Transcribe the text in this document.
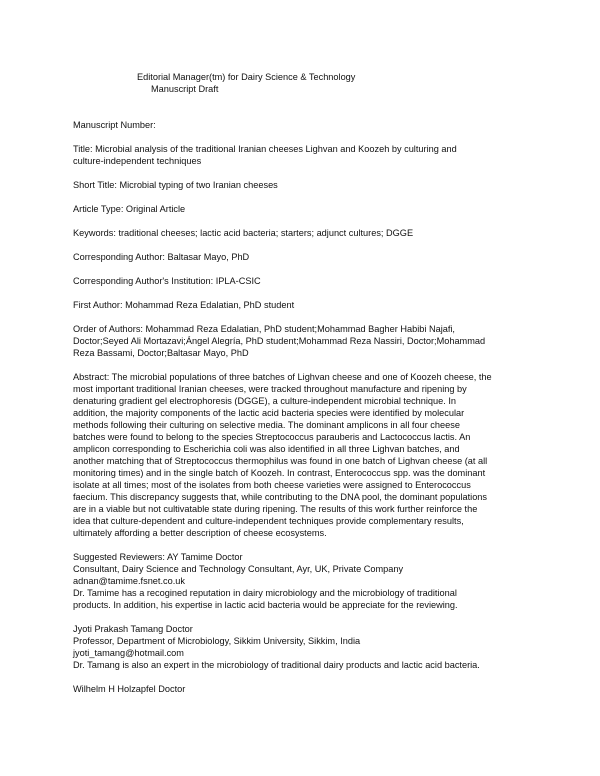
Editorial Manager(tm) for Dairy Science & Technology
Manuscript Draft
Manuscript Number:
Title: Microbial analysis of the traditional Iranian cheeses Lighvan and Koozeh by culturing and
culture-independent techniques
Short Title: Microbial typing of two Iranian cheeses
Article Type: Original Article
Keywords: traditional cheeses; lactic acid bacteria; starters; adjunct cultures; DGGE
Corresponding Author: Baltasar Mayo, PhD
Corresponding Author's Institution: IPLA-CSIC
First Author: Mohammad Reza Edalatian, PhD student
Order of Authors: Mohammad Reza Edalatian, PhD student;Mohammad Bagher Habibi Najafi,
Doctor;Seyed Ali Mortazavi;Ángel Alegría, PhD student;Mohammad Reza Nassiri, Doctor;Mohammad
Reza Bassami, Doctor;Baltasar Mayo, PhD
Abstract: The microbial populations of three batches of Lighvan cheese and one of Koozeh cheese, the
most important traditional Iranian cheeses, were tracked throughout manufacture and ripening by
denaturing gradient gel electrophoresis (DGGE), a culture-independent microbial technique. In
addition, the majority components of the lactic acid bacteria species were identified by molecular
methods following their culturing on selective media. The dominant amplicons in all four cheese
batches were found to belong to the species Streptococcus parauberis and Lactococcus lactis. An
amplicon corresponding to Escherichia coli was also identified in all three Lighvan batches, and
another matching that of Streptococcus thermophilus was found in one batch of Lighvan cheese (at all
monitoring times) and in the single batch of Koozeh. In contrast, Enterococcus spp. was the dominant
isolate at all times; most of the isolates from both cheese varieties were assigned to Enterococcus
faecium. This discrepancy suggests that, while contributing to the DNA pool, the dominant populations
are in a viable but not cultivatable state during ripening. The results of this work further reinforce the
idea that culture-dependent and culture-independent techniques provide complementary results,
ultimately affording a better description of cheese ecosystems.
Suggested Reviewers: AY Tamime Doctor
Consultant, Dairy Science and Technology Consultant, Ayr, UK, Private Company
adnan@tamime.fsnet.co.uk
Dr. Tamime has a recogined reputation in dairy microbiology and the microbiology of traditional
products. In addition, his expertise in lactic acid bacteria would be appreciate for the reviewing.
Jyoti Prakash Tamang Doctor
Professor, Department of Microbiology, Sikkim University, Sikkim, India
jyoti_tamang@hotmail.com
Dr. Tamang is also an expert in the microbiology of traditional dairy products and lactic acid bacteria.
Wilhelm H Holzapfel Doctor
